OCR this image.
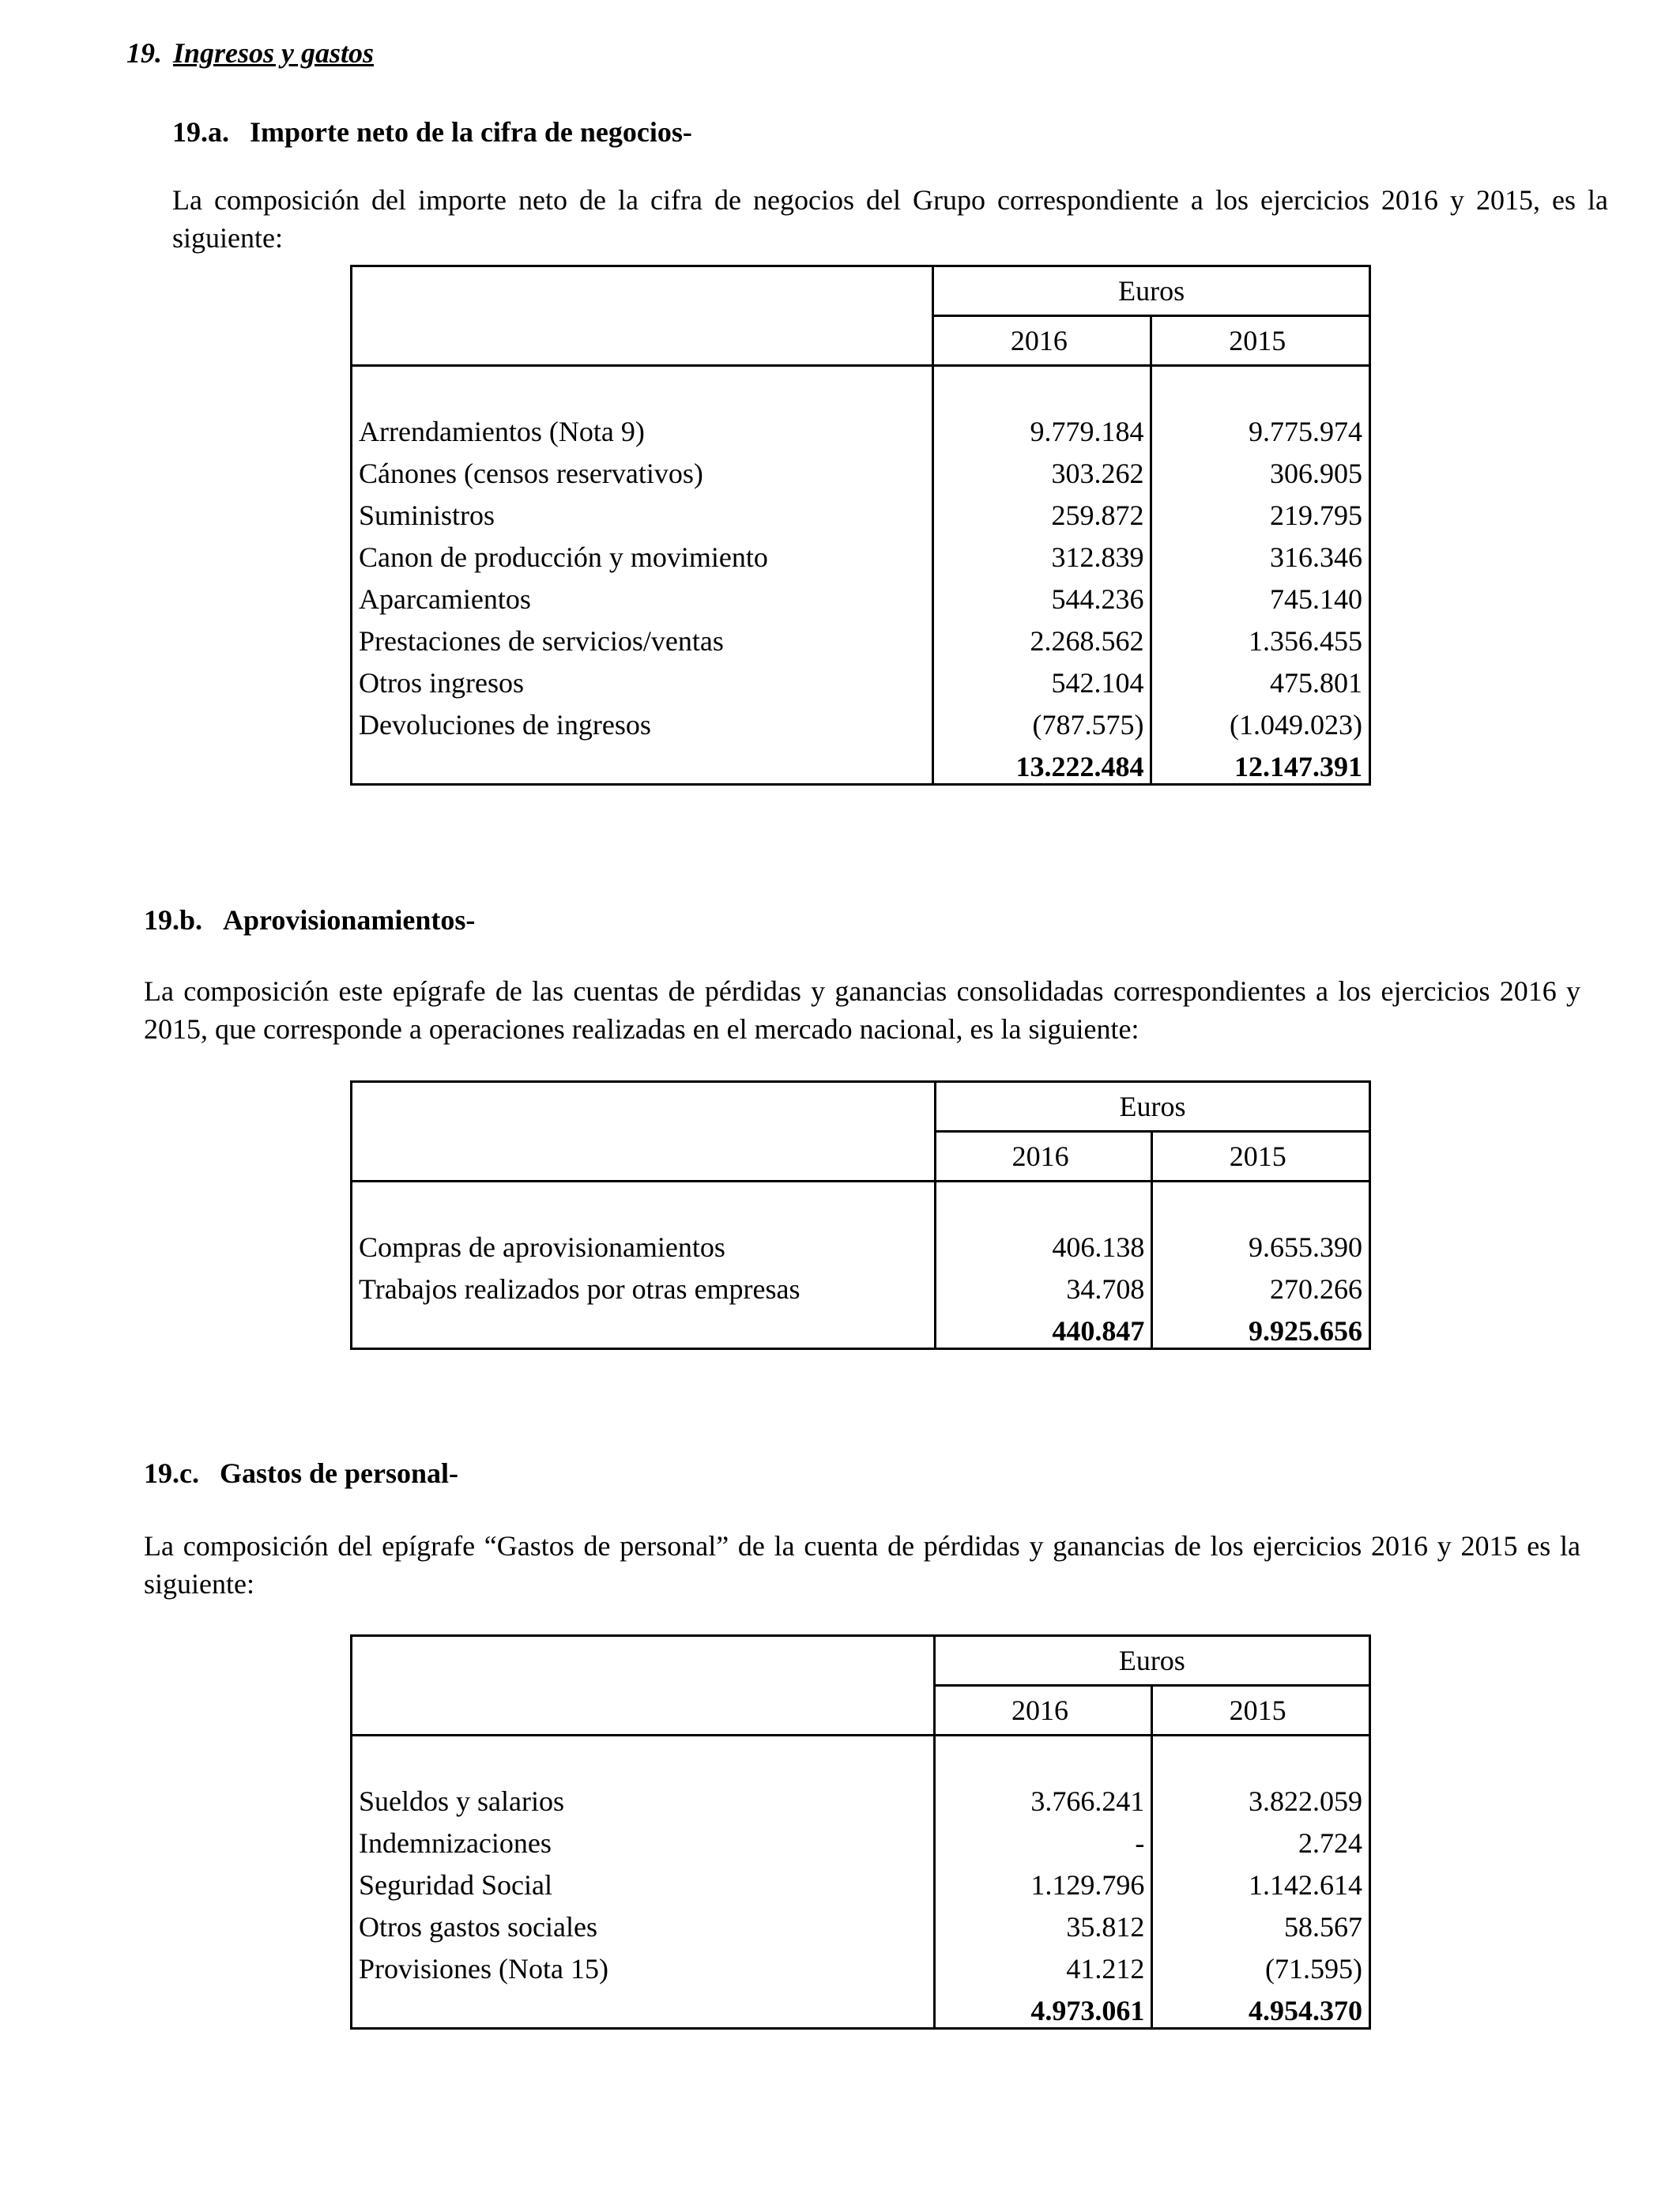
19. Ingresos y gastos
19.a. Importe neto de la cifra de negocios-
La composición del importe neto de la cifra de negocios del Grupo correspondiente a los ejercicios 2016 y 2015, es la siguiente:
	Euros	
	2016	2015

Arrendamientos (Nota 9)	9.779.184	9.775.974
Cánones (censos reservativos)	303.262	306.905
Suministros	259.872	219.795
Canon de producción y movimiento	312.839	316.346
Aparcamientos	544.236	745.140
Prestaciones de servicios/ventas	2.268.562	1.356.455
Otros ingresos	542.104	475.801
Devoluciones de ingresos	(787.575)	(1.049.023)
	13.222.484	12.147.391
19.b. Aprovisionamientos-
La composición este epígrafe de las cuentas de pérdidas y ganancias consolidadas correspondientes a los ejercicios 2016 y 2015, que corresponde a operaciones realizadas en el mercado nacional, es la siguiente:
	Euros	
	2016	2015

Compras de aprovisionamientos	406.138	9.655.390
Trabajos realizados por otras empresas	34.708	270.266
	440.847	9.925.656
19.c. Gastos de personal-
La composición del epígrafe “Gastos de personal” de la cuenta de pérdidas y ganancias de los ejercicios 2016 y 2015 es la siguiente:
	Euros	
	2016	2015

Sueldos y salarios	3.766.241	3.822.059
Indemnizaciones	-	2.724
Seguridad Social	1.129.796	1.142.614
Otros gastos sociales	35.812	58.567
Provisiones (Nota 15)	41.212	(71.595)
	4.973.061	4.954.370
